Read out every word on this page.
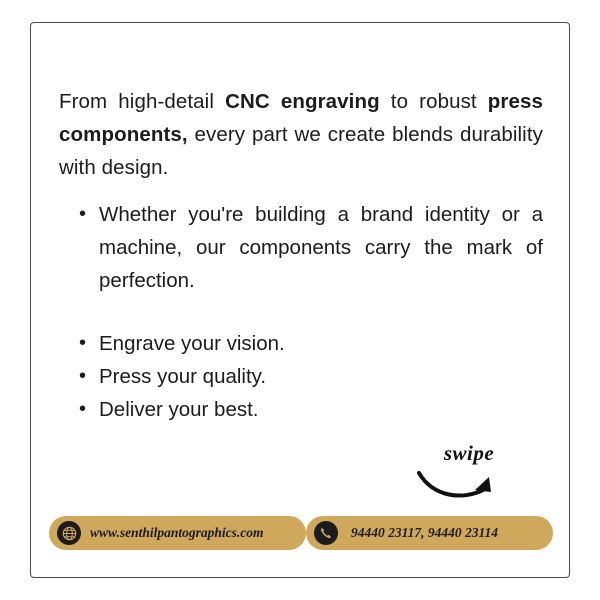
From high-detail CNC engraving to robust press components, every part we create blends durability with design.

• Whether you're building a brand identity or a machine, our components carry the mark of perfection.
• Engrave your vision.
• Press your quality.
• Deliver your best.
swipe
www.senthilpantographics.com	94440 23117, 94440 23114
